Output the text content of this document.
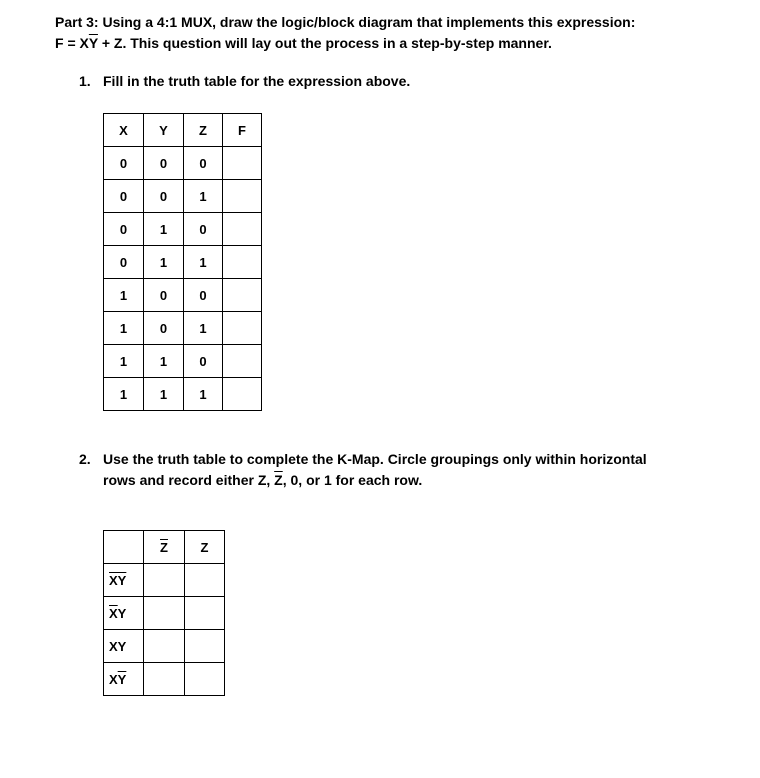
Part 3: Using a 4:1 MUX, draw the logic/block diagram that implements this expression:
$F = X\overline{Y} + Z$. This question will lay out the process in a step-by-step manner.
1. Fill in the truth table for the expression above.
X	Y	Z	F
0	0	0	
0	0	1	
0	1	0	
0	1	1	
1	0	0	
1	0	1	
1	1	0	
1	1	1	
2. Use the truth table to complete the K-Map. Circle groupings only within horizontal
rows and record either Z, $\overline{Z}$, 0, or 1 for each row.
	$\overline{Z}$	Z
$\overline{XY}$		
$\overline{X}Y$		
XY		
$X\overline{Y}$		
